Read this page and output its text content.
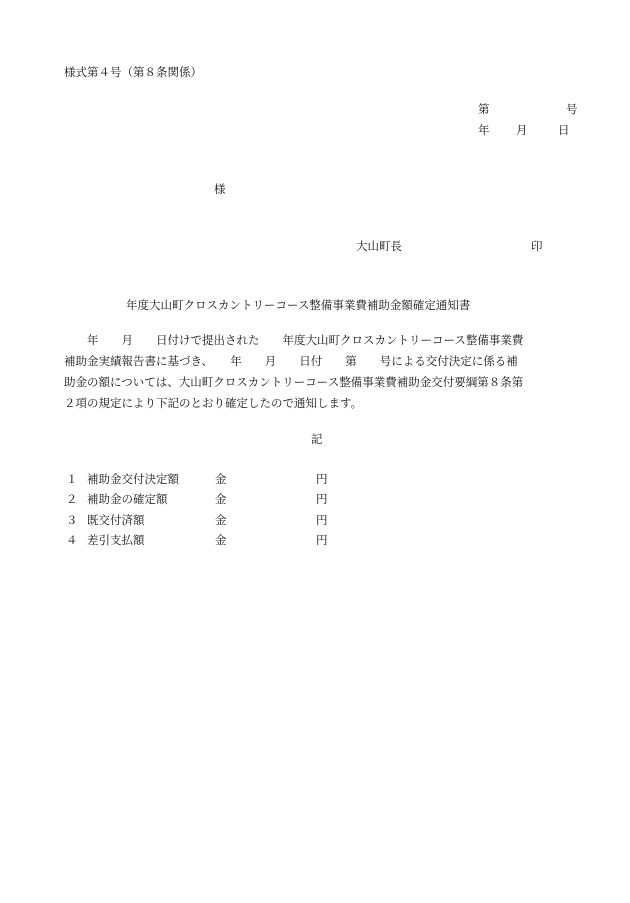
様式第４号（第８条関係）
第	号
年 月	日
様
大山町長	印
年度大山町クロスカントリーコース整備事業費補助金額確定通知書
　　年　　月　　日付けで提出された　　年度大山町クロスカントリーコース整備事業費
補助金実績報告書に基づき、　　年　　月　　日付　　第　　号による交付決定に係る補
助金の額については、大山町クロスカントリーコース整備事業費補助金交付要綱第８条第
２項の規定により下記のとおり確定したので通知します。
記
１ 補助金交付決定額	金	円
２ 補助金の確定額	金	円
３ 既交付済額	金	円
４ 差引支払額	金	円
